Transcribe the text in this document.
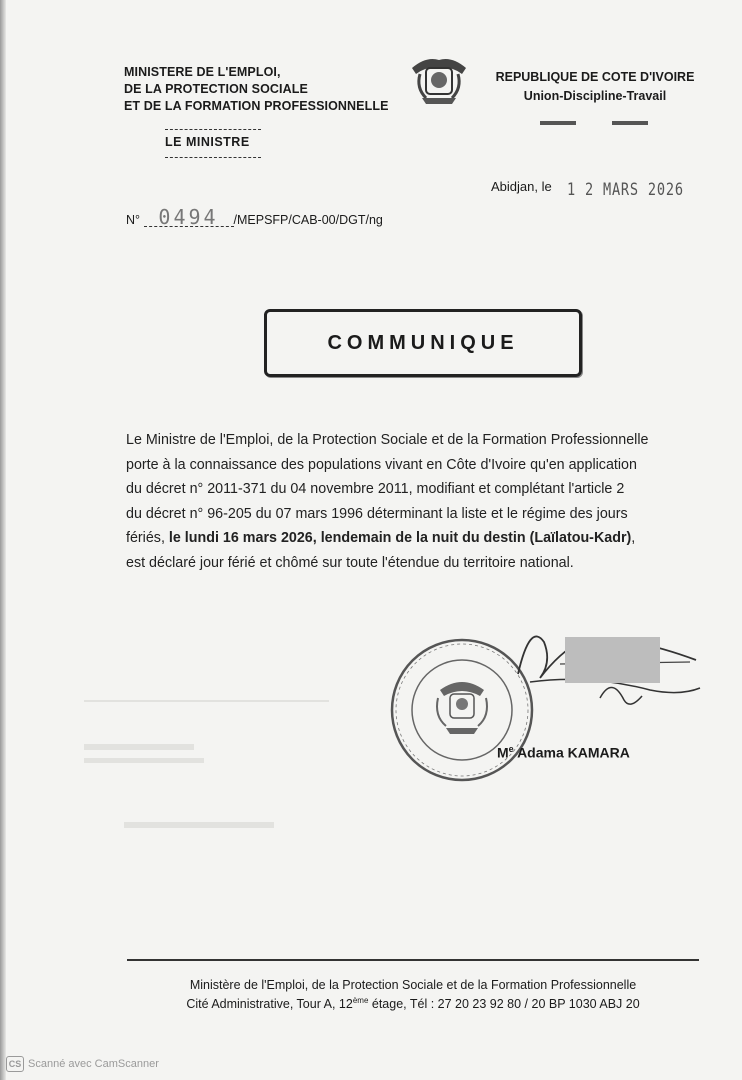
MINISTERE DE L'EMPLOI,
DE LA PROTECTION SOCIALE
ET DE LA FORMATION PROFESSIONNELLE
LE MINISTRE
REPUBLIQUE DE COTE D'IVOIRE
Union-Discipline-Travail
Abidjan, le 1 2 MARS 2026
N° 0494 /MEPSFP/CAB-00/DGT/ng
COMMUNIQUE
Le Ministre de l'Emploi, de la Protection Sociale et de la Formation Professionnelle
porte à la connaissance des populations vivant en Côte d'Ivoire qu'en application
du décret n° 2011-371 du 04 novembre 2011, modifiant et complétant l'article 2
du décret n° 96-205 du 07 mars 1996 déterminant la liste et le régime des jours
fériés, le lundi 16 mars 2026, lendemain de la nuit du destin (Laïlatou-Kadr),
est déclaré jour férié et chômé sur toute l'étendue du territoire national.
Me Adama KAMARA
Ministère de l'Emploi, de la Protection Sociale et de la Formation Professionnelle
Cité Administrative, Tour A, 12ème étage, Tél : 27 20 23 92 80 / 20 BP 1030 ABJ 20
CS Scanné avec CamScanner
